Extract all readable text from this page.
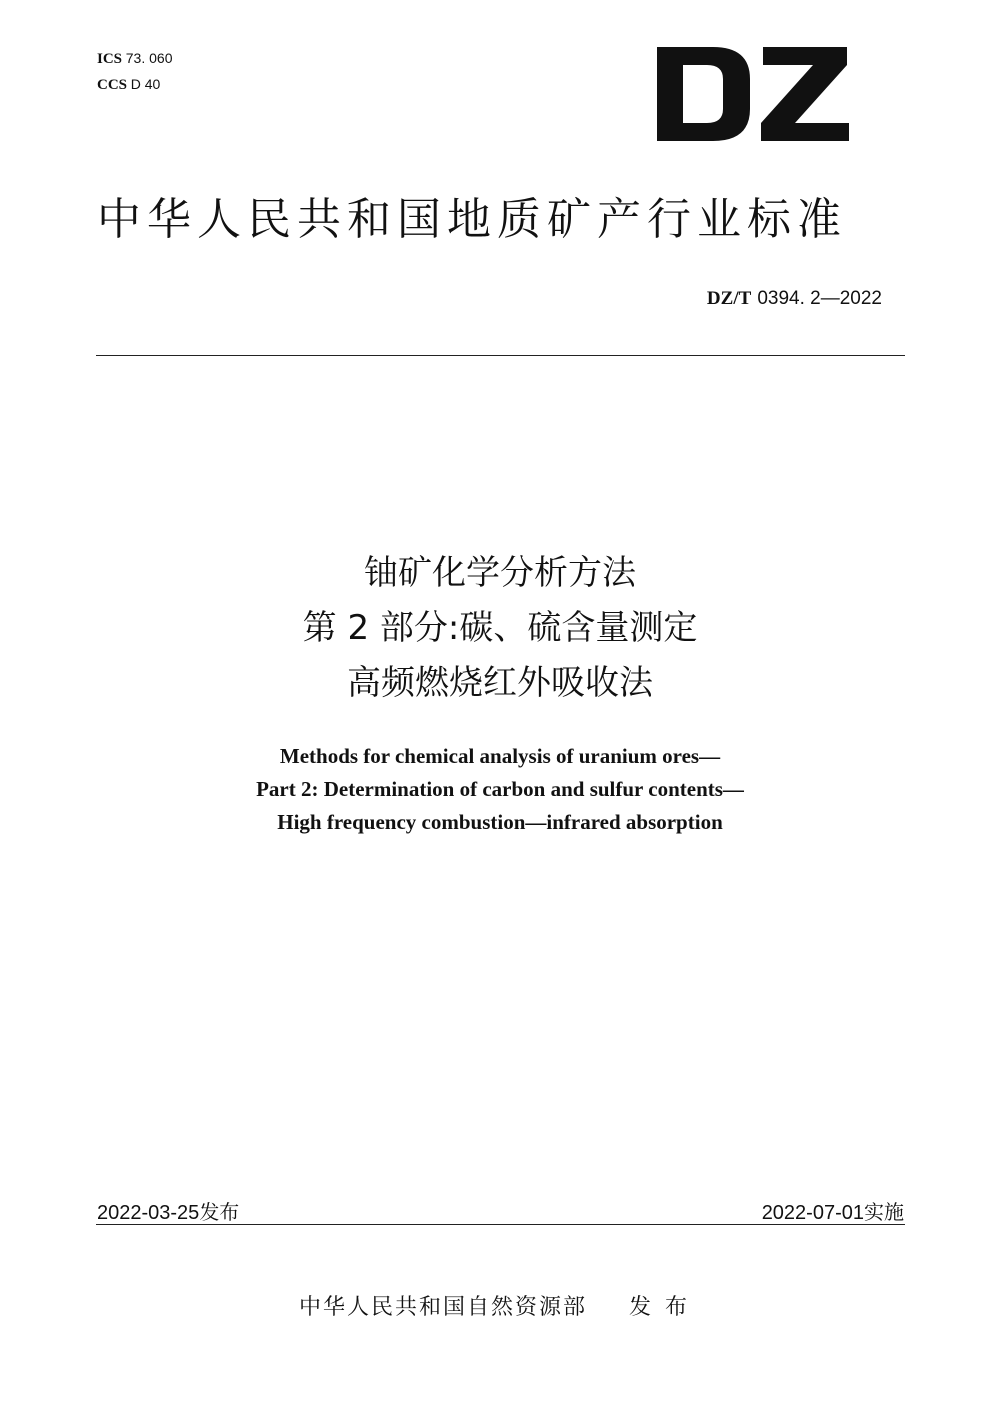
ICS 73. 060
CCS D 40
中华人民共和国地质矿产行业标准
DZ/T 0394. 2—2022
铀矿化学分析方法
第 2 部分:碳、硫含量测定
高频燃烧红外吸收法
Methods for chemical analysis of uranium ores—
Part 2: Determination of carbon and sulfur contents—
High frequency combustion—infrared absorption
2022-03-25发布	2022-07-01实施
中华人民共和国自然资源部 发布
